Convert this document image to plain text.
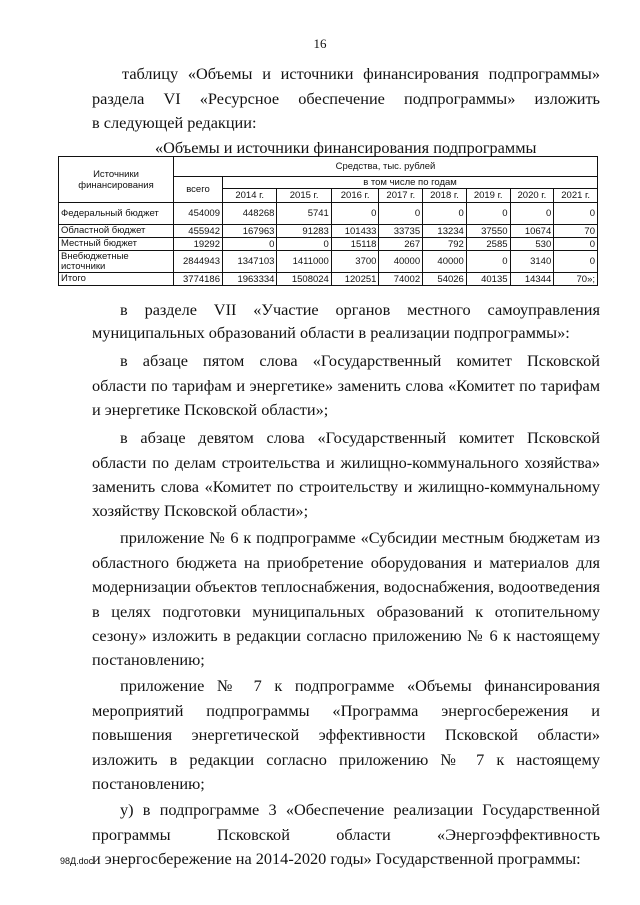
16
таблицу «Объемы и источники финансирования подпрограммы»
раздела VI «Ресурсное обеспечение подпрограммы» изложить
в следующей редакции:
«Объемы и источники финансирования подпрограммы
Источники финансирования	Средства, тыс. рублей								
	всего	в том числе по годам							
		2014 г.	2015 г.	2016 г.	2017 г.	2018 г.	2019 г.	2020 г.	2021 г.
Федеральный бюджет	454009	448268	5741	0	0	0	0	0	0
Областной бюджет	455942	167963	91283	101433	33735	13234	37550	10674	70
Местный бюджет	19292	0	0	15118	267	792	2585	530	0
Внебюджетные источники	2844943	1347103	1411000	3700	40000	40000	0	3140	0
Итого	3774186	1963334	1508024	120251	74002	54026	40135	14344	70»;
в разделе VII «Участие органов местного самоуправления
муниципальных образований области в реализации подпрограммы»:
в абзаце пятом слова «Государственный комитет Псковской
области по тарифам и энергетике» заменить слова «Комитет по тарифам
и энергетике Псковской области»;
в абзаце девятом слова «Государственный комитет Псковской
области по делам строительства и жилищно-коммунального хозяйства»
заменить слова «Комитет по строительству и жилищно-коммунальному
хозяйству Псковской области»;
приложение № 6 к подпрограмме «Субсидии местным бюджетам из
областного бюджета на приобретение оборудования и материалов для
модернизации объектов теплоснабжения, водоснабжения, водоотведения
в целях подготовки муниципальных образований к отопительному
сезону» изложить в редакции согласно приложению № 6 к настоящему
постановлению;
приложение № 7 к подпрограмме «Объемы финансирования
мероприятий подпрограммы «Программа энергосбережения и
повышения энергетической эффективности Псковской области»
изложить в редакции согласно приложению № 7 к настоящему
постановлению;
у) в подпрограмме 3 «Обеспечение реализации Государственной
программы Псковской области «Энергоэффективность
и энергосбережение на 2014-2020 годы» Государственной программы:
98Д.doc
